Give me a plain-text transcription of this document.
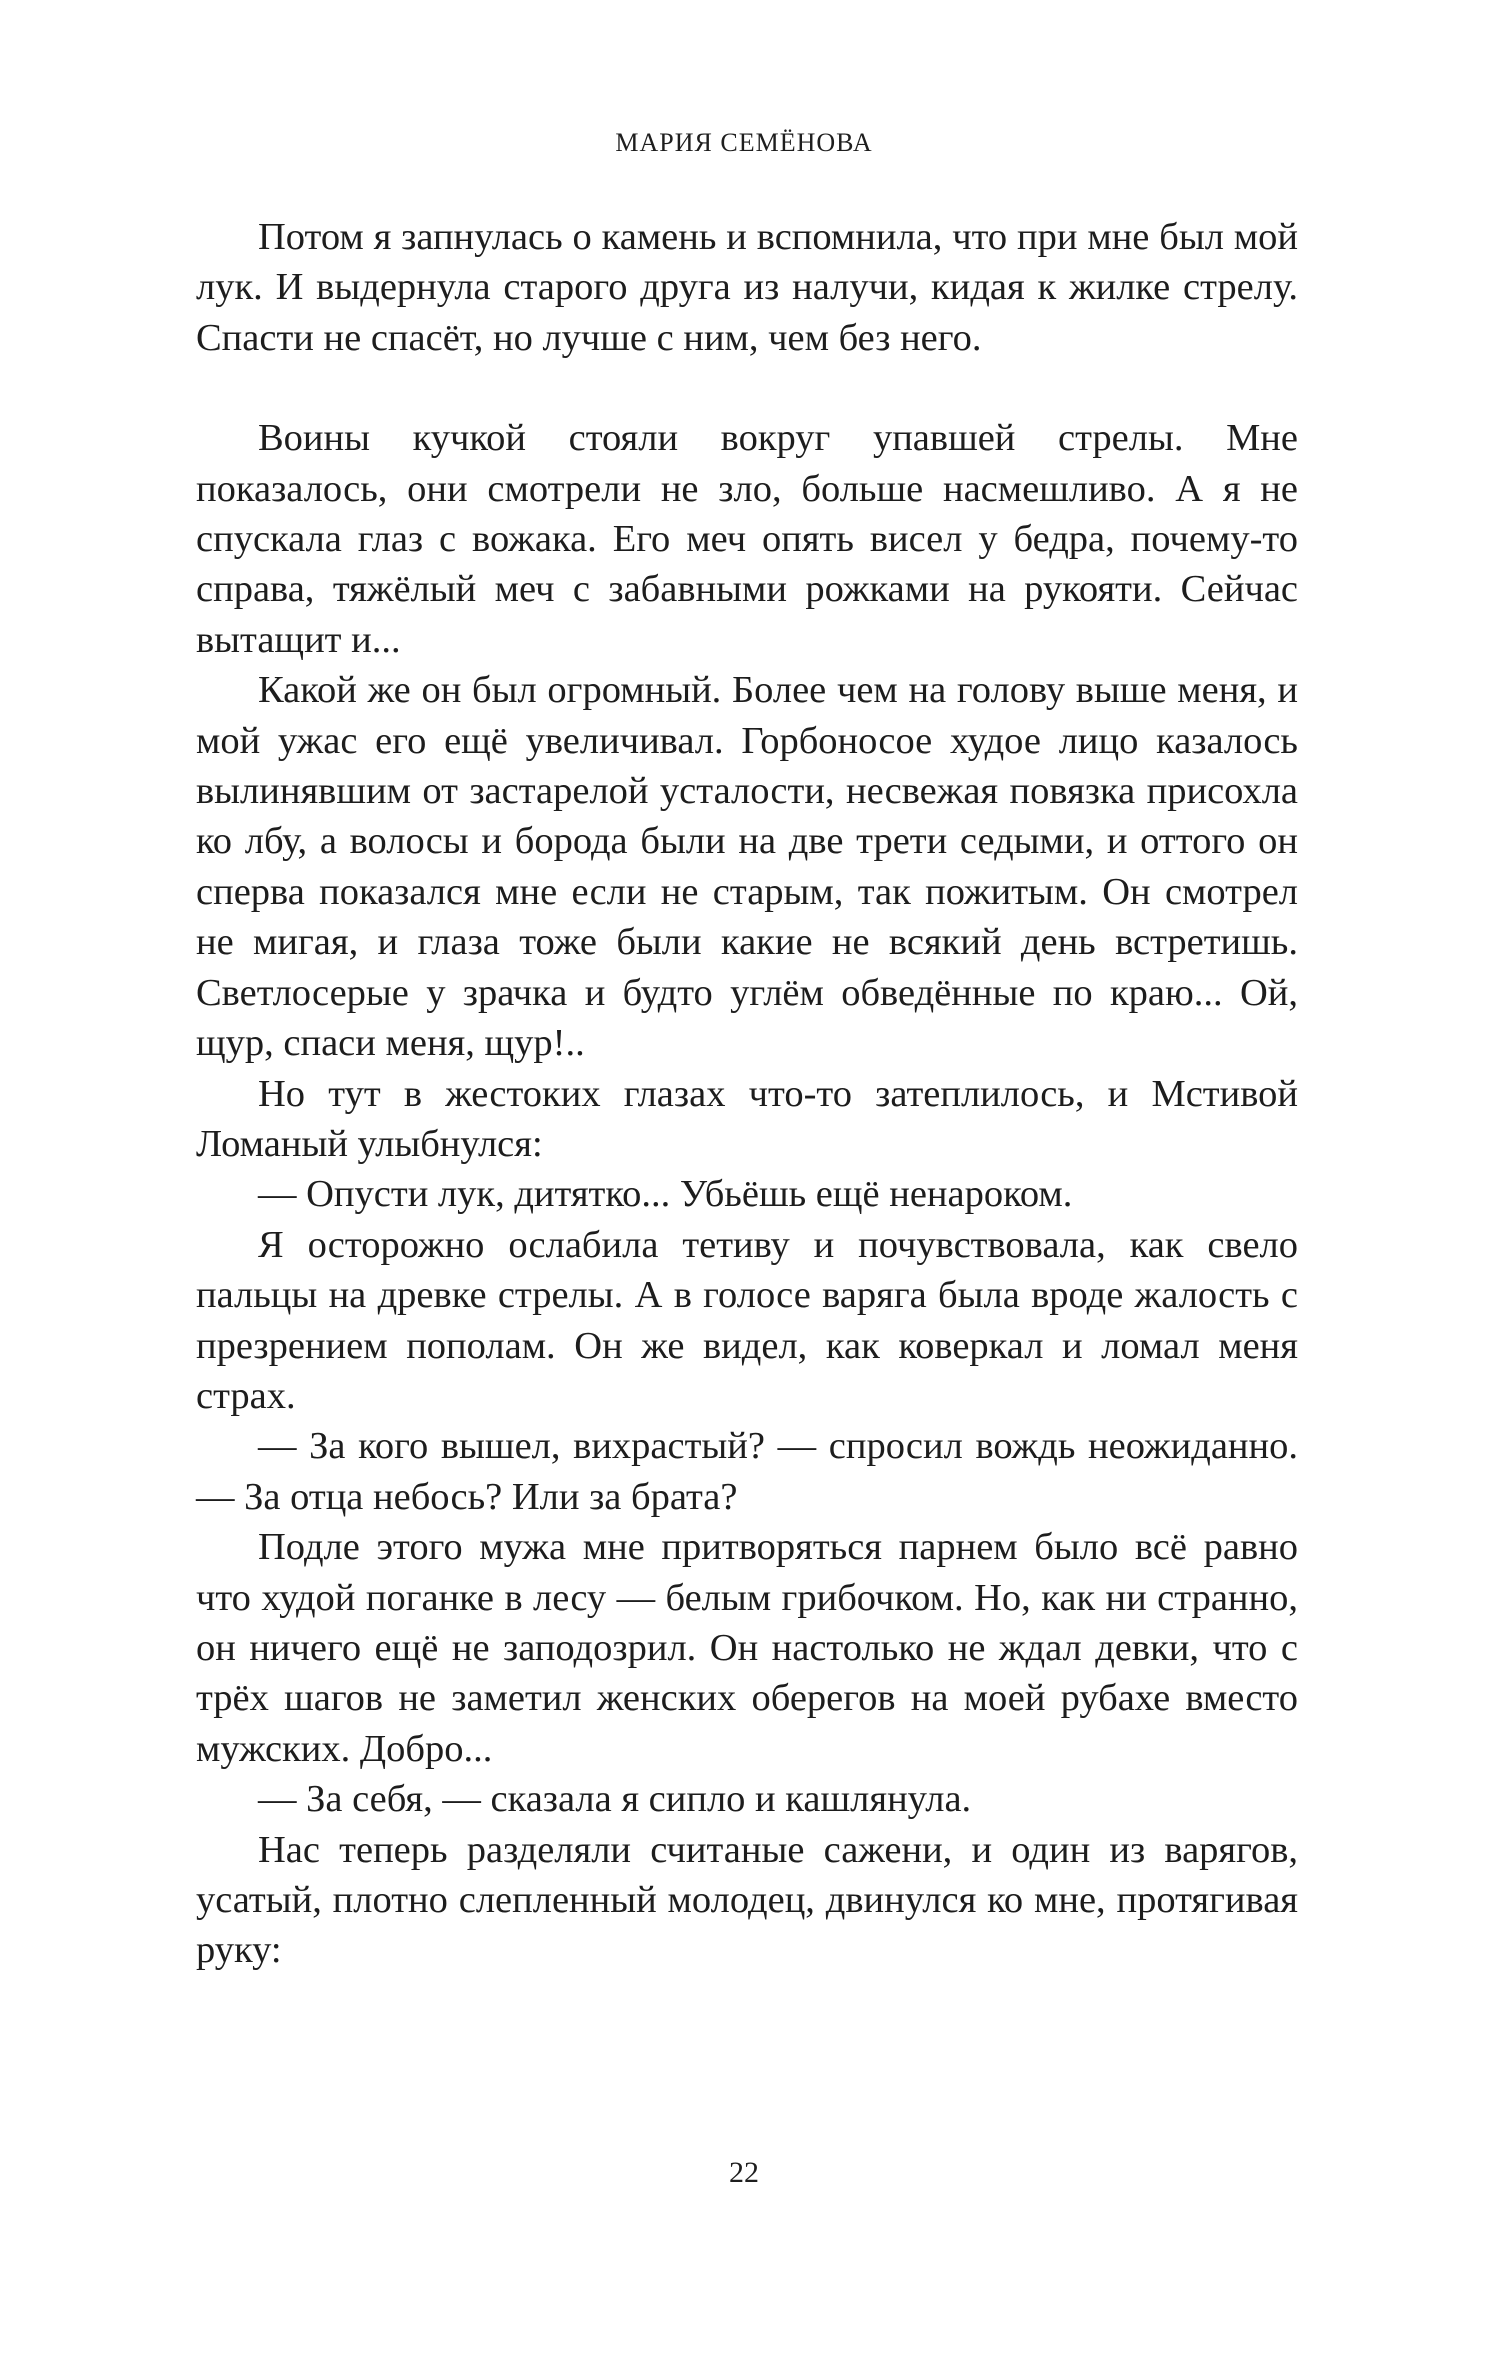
МАРИЯ СЕМЁНОВА

Потом я запнулась о камень и вспомнила, что при мне был мой лук. И выдернула старого друга из налучи, кидая к жилке стрелу. Спасти не спасёт, но лучше с ним, чем без него.

Воины кучкой стояли вокруг упавшей стрелы. Мне показалось, они смотрели не зло, больше насмешливо. А я не спускала глаз с вожака. Его меч опять висел у бедра, почему-то справа, тяжёлый меч с забавными рожками на рукояти. Сейчас вытащит и...

Какой же он был огромный. Более чем на голову выше меня, и мой ужас его ещё увеличивал. Горбоносое худое лицо казалось вылинявшим от застарелой усталости, несвежая повязка присохла ко лбу, а волосы и борода были на две трети седыми, и оттого он сперва показался мне если не старым, так пожитым. Он смотрел не мигая, и глаза тоже были какие не всякий день встретишь. Светлосерые у зрачка и будто углём обведённые по краю... Ой, щур, спаси меня, щур!..

Но тут в жестоких глазах что-то затеплилось, и Мстивой Ломаный улыбнулся:

— Опусти лук, дитятко... Убьёшь ещё ненароком.

Я осторожно ослабила тетиву и почувствовала, как свело пальцы на древке стрелы. А в голосе варяга была вроде жалость с презрением пополам. Он же видел, как коверкал и ломал меня страх.

— За кого вышел, вихрастый? — спросил вождь неожиданно. — За отца небось? Или за брата?

Подле этого мужа мне притворяться парнем было всё равно что худой поганке в лесу — белым грибочком. Но, как ни странно, он ничего ещё не заподозрил. Он настолько не ждал девки, что с трёх шагов не заметил женских оберегов на моей рубахе вместо мужских. Добро...

— За себя, — сказала я сипло и кашлянула.

Нас теперь разделяли считаные сажени, и один из варягов, усатый, плотно слепленный молодец, двинулся ко мне, протягивая руку:

22
